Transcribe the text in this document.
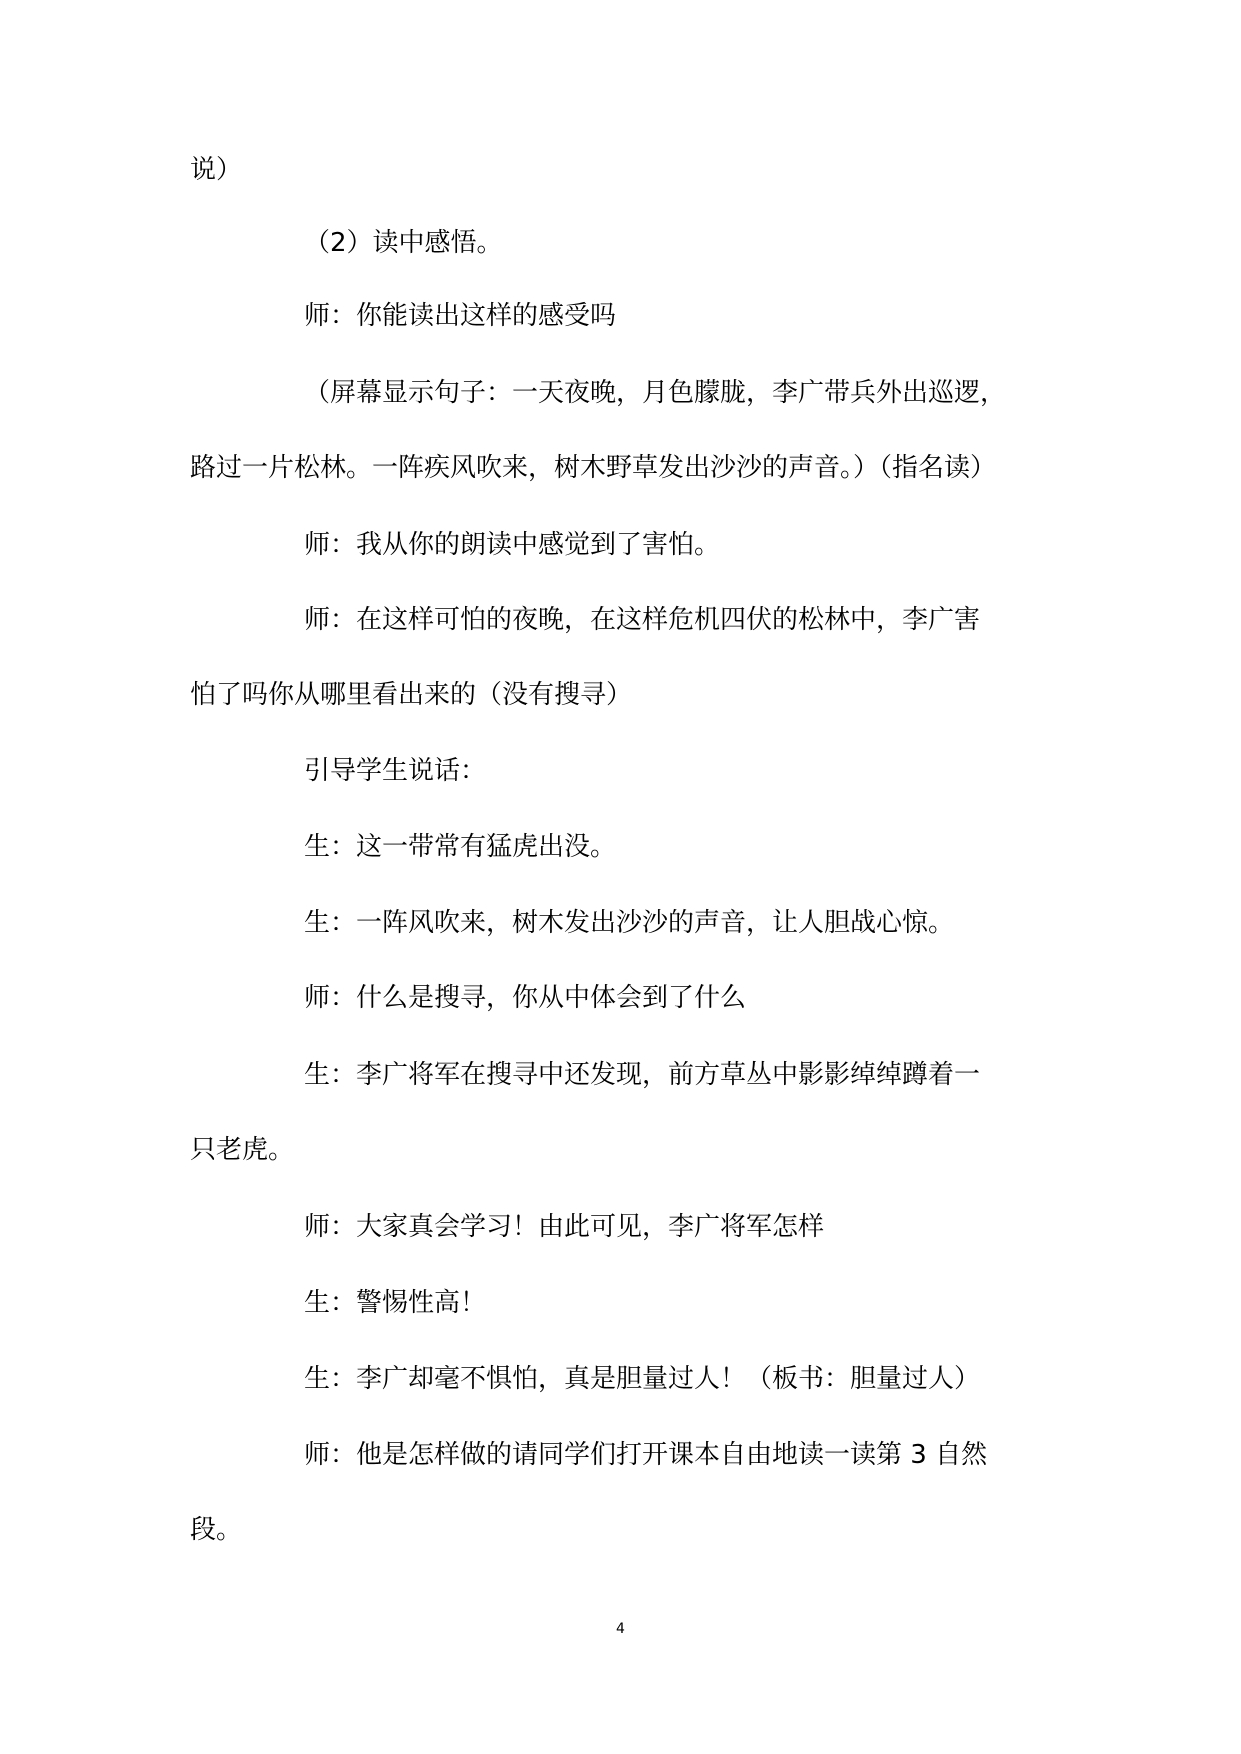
说）
（2）读中感悟。
师：你能读出这样的感受吗
（屏幕显示句子：一天夜晚，月色朦胧，李广带兵外出巡逻，
路过一片松林。一阵疾风吹来，树木野草发出沙沙的声音。）（指名读）
师：我从你的朗读中感觉到了害怕。
师：在这样可怕的夜晚，在这样危机四伏的松林中，李广害
怕了吗你从哪里看出来的（没有搜寻）
引导学生说话：
生：这一带常有猛虎出没。
生：一阵风吹来，树木发出沙沙的声音，让人胆战心惊。
师：什么是搜寻，你从中体会到了什么
生：李广将军在搜寻中还发现，前方草丛中影影绰绰蹲着一
只老虎。
师：大家真会学习！由此可见，李广将军怎样
生：警惕性高！
生：李广却毫不惧怕，真是胆量过人！（板书：胆量过人）
师：他是怎样做的请同学们打开课本自由地读一读第 3 自然
段。
4
